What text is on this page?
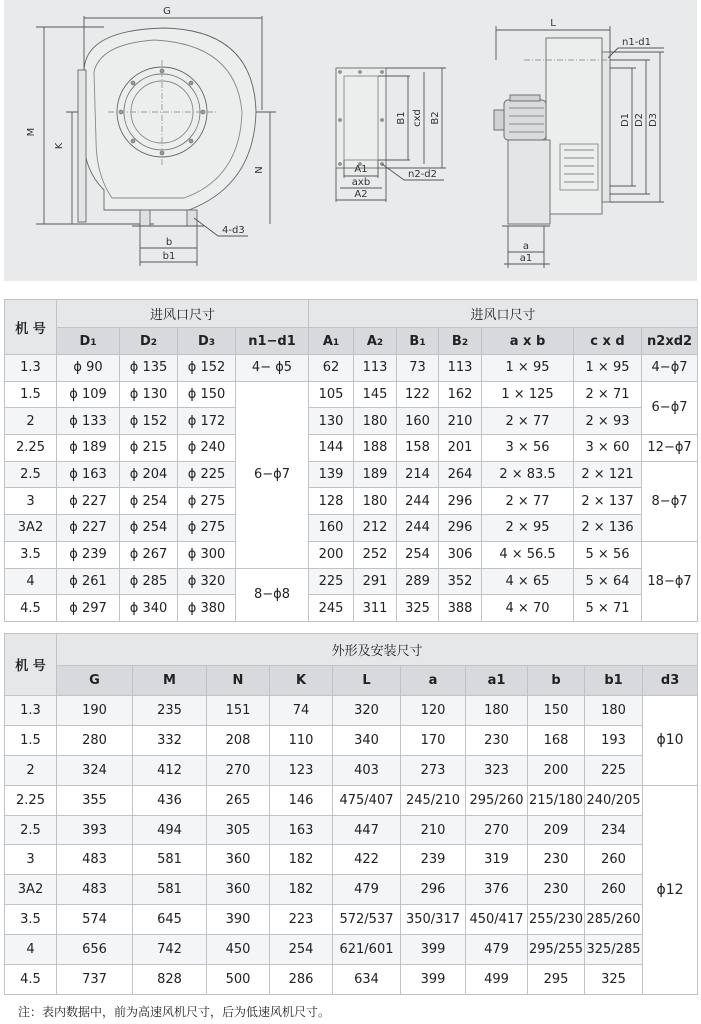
G
M
K
N
b
b1
4-d3
B1 cxd B2
A1
axb
A2
n2-d2
L
n1-d1
D1 D2 D3
a
a1
机 号	进风口尺寸				进风口尺寸						
	D1	D2	D3	n1−d1	A1	A2	B1	B2	a x b	c x d	n2xd2
1.3	ϕ 90	ϕ 135	ϕ 152	4− ϕ5	62	113	73	113	1 × 95	1 × 95	4−ϕ7
1.5	ϕ 109	ϕ 130	ϕ 150	6−ϕ7	105	145	122	162	1 × 125	2 × 71	6−ϕ7
2	ϕ 133	ϕ 152	ϕ 172		130	180	160	210	2 × 77	2 × 93	
2.25	ϕ 189	ϕ 215	ϕ 240		144	188	158	201	3 × 56	3 × 60	12−ϕ7
2.5	ϕ 163	ϕ 204	ϕ 225		139	189	214	264	2 × 83.5	2 × 121	8−ϕ7
3	ϕ 227	ϕ 254	ϕ 275		128	180	244	296	2 × 77	2 × 137	
3A2	ϕ 227	ϕ 254	ϕ 275		160	212	244	296	2 × 95	2 × 136	
3.5	ϕ 239	ϕ 267	ϕ 300		200	252	254	306	4 × 56.5	5 × 56	18−ϕ7
4	ϕ 261	ϕ 285	ϕ 320	8−ϕ8	225	291	289	352	4 × 65	5 × 64	
4.5	ϕ 297	ϕ 340	ϕ 380		245	311	325	388	4 × 70	5 × 71	
机 号	外形及安装尺寸									
	G	M	N	K	L	a	a1	b	b1	d3
1.3	190	235	151	74	320	120	180	150	180	ϕ10
1.5	280	332	208	110	340	170	230	168	193	
2	324	412	270	123	403	273	323	200	225	
2.25	355	436	265	146	475/407	245/210	295/260	215/180	240/205	ϕ12
2.5	393	494	305	163	447	210	270	209	234	
3	483	581	360	182	422	239	319	230	260	
3A2	483	581	360	182	479	296	376	230	260	
3.5	574	645	390	223	572/537	350/317	450/417	255/230	285/260	
4	656	742	450	254	621/601	399	479	295/255	325/285	
4.5	737	828	500	286	634	399	499	295	325	
注：表内数据中，前为高速风机尺寸，后为低速风机尺寸。
